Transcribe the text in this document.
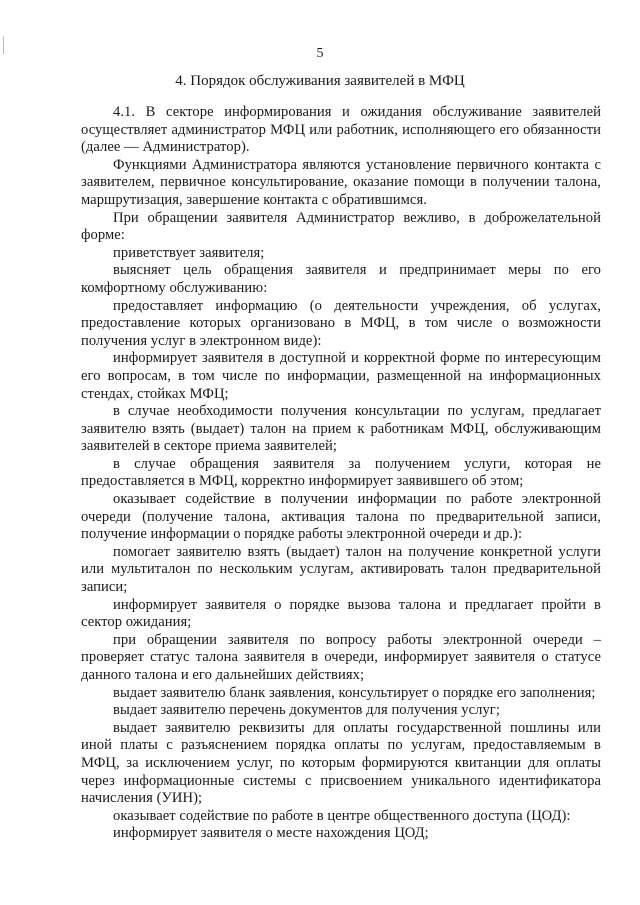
5
4. Порядок обслуживания заявителей в МФЦ

4.1. В секторе информирования и ожидания обслуживание заявителей осуществляет администратор МФЦ или работник, исполняющего его обязанности (далее — Администратор).

Функциями Администратора являются установление первичного контакта с заявителем, первичное консультирование, оказание помощи в получении талона, маршрутизация, завершение контакта с обратившимся.

При обращении заявителя Администратор вежливо, в доброжелательной форме:

приветствует заявителя;

выясняет цель обращения заявителя и предпринимает меры по его комфортному обслуживанию:

предоставляет информацию (о деятельности учреждения, об услугах, предоставление которых организовано в МФЦ, в том числе о возможности получения услуг в электронном виде):

информирует заявителя в доступной и корректной форме по интересующим его вопросам, в том числе по информации, размещенной на информационных стендах, стойках МФЦ;

в случае необходимости получения консультации по услугам, предлагает заявителю взять (выдает) талон на прием к работникам МФЦ, обслуживающим заявителей в секторе приема заявителей;

в случае обращения заявителя за получением услуги, которая не предоставляется в МФЦ, корректно информирует заявившего об этом;

оказывает содействие в получении информации по работе электронной очереди (получение талона, активация талона по предварительной записи, получение информации о порядке работы электронной очереди и др.):

помогает заявителю взять (выдает) талон на получение конкретной услуги или мультиталон по нескольким услугам, активировать талон предварительной записи;

информирует заявителя о порядке вызова талона и предлагает пройти в сектор ожидания;

при обращении заявителя по вопросу работы электронной очереди – проверяет статус талона заявителя в очереди, информирует заявителя о статусе данного талона и его дальнейших действиях;

выдает заявителю бланк заявления, консультирует о порядке его заполнения;

выдает заявителю перечень документов для получения услуг;

выдает заявителю реквизиты для оплаты государственной пошлины или иной платы с разъяснением порядка оплаты по услугам, предоставляемым в МФЦ, за исключением услуг, по которым формируются квитанции для оплаты через информационные системы с присвоением уникального идентификатора начисления (УИН);

оказывает содействие по работе в центре общественного доступа (ЦОД):

информирует заявителя о месте нахождения ЦОД;
